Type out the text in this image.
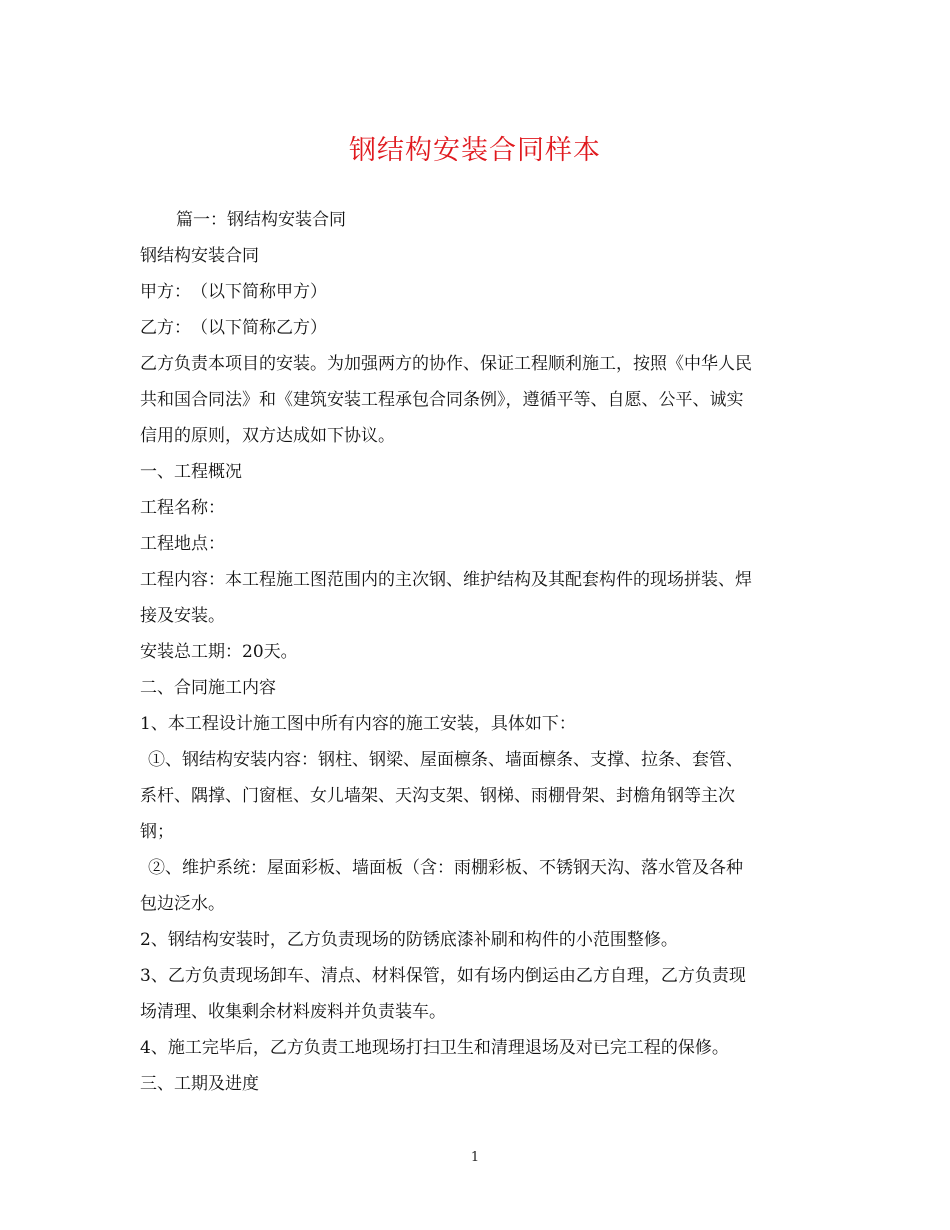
钢结构安装合同样本

篇一：钢结构安装合同

钢结构安装合同

甲方：　（以下简称甲方）

乙方：　（以下简称乙方）

乙方负责本项目的安装。为加强两方的协作、保证工程顺利施工，按照《中华人民

共和国合同法》和《建筑安装工程承包合同条例》，遵循平等、自愿、公平、诚实

信用的原则，双方达成如下协议。

一、工程概况

工程名称：

工程地点：

工程内容：本工程施工图范围内的主次钢、维护结构及其配套构件的现场拼装、焊

接及安装。

安装总工期：20天。

二、合同施工内容

1、本工程设计施工图中所有内容的施工安装，具体如下：

①、钢结构安装内容：钢柱、钢梁、屋面檩条、墙面檩条、支撑、拉条、套管、

系杆、隅撑、门窗框、女儿墙架、天沟支架、钢梯、雨棚骨架、封檐角钢等主次

钢；

②、维护系统：屋面彩板、墙面板（含：雨棚彩板、不锈钢天沟、落水管及各种

包边泛水。

2、钢结构安装时，乙方负责现场的防锈底漆补刷和构件的小范围整修。

3、乙方负责现场卸车、清点、材料保管，如有场内倒运由乙方自理，乙方负责现

场清理、收集剩余材料废料并负责装车。

4、施工完毕后，乙方负责工地现场打扫卫生和清理退场及对已完工程的保修。

三、工期及进度

1
